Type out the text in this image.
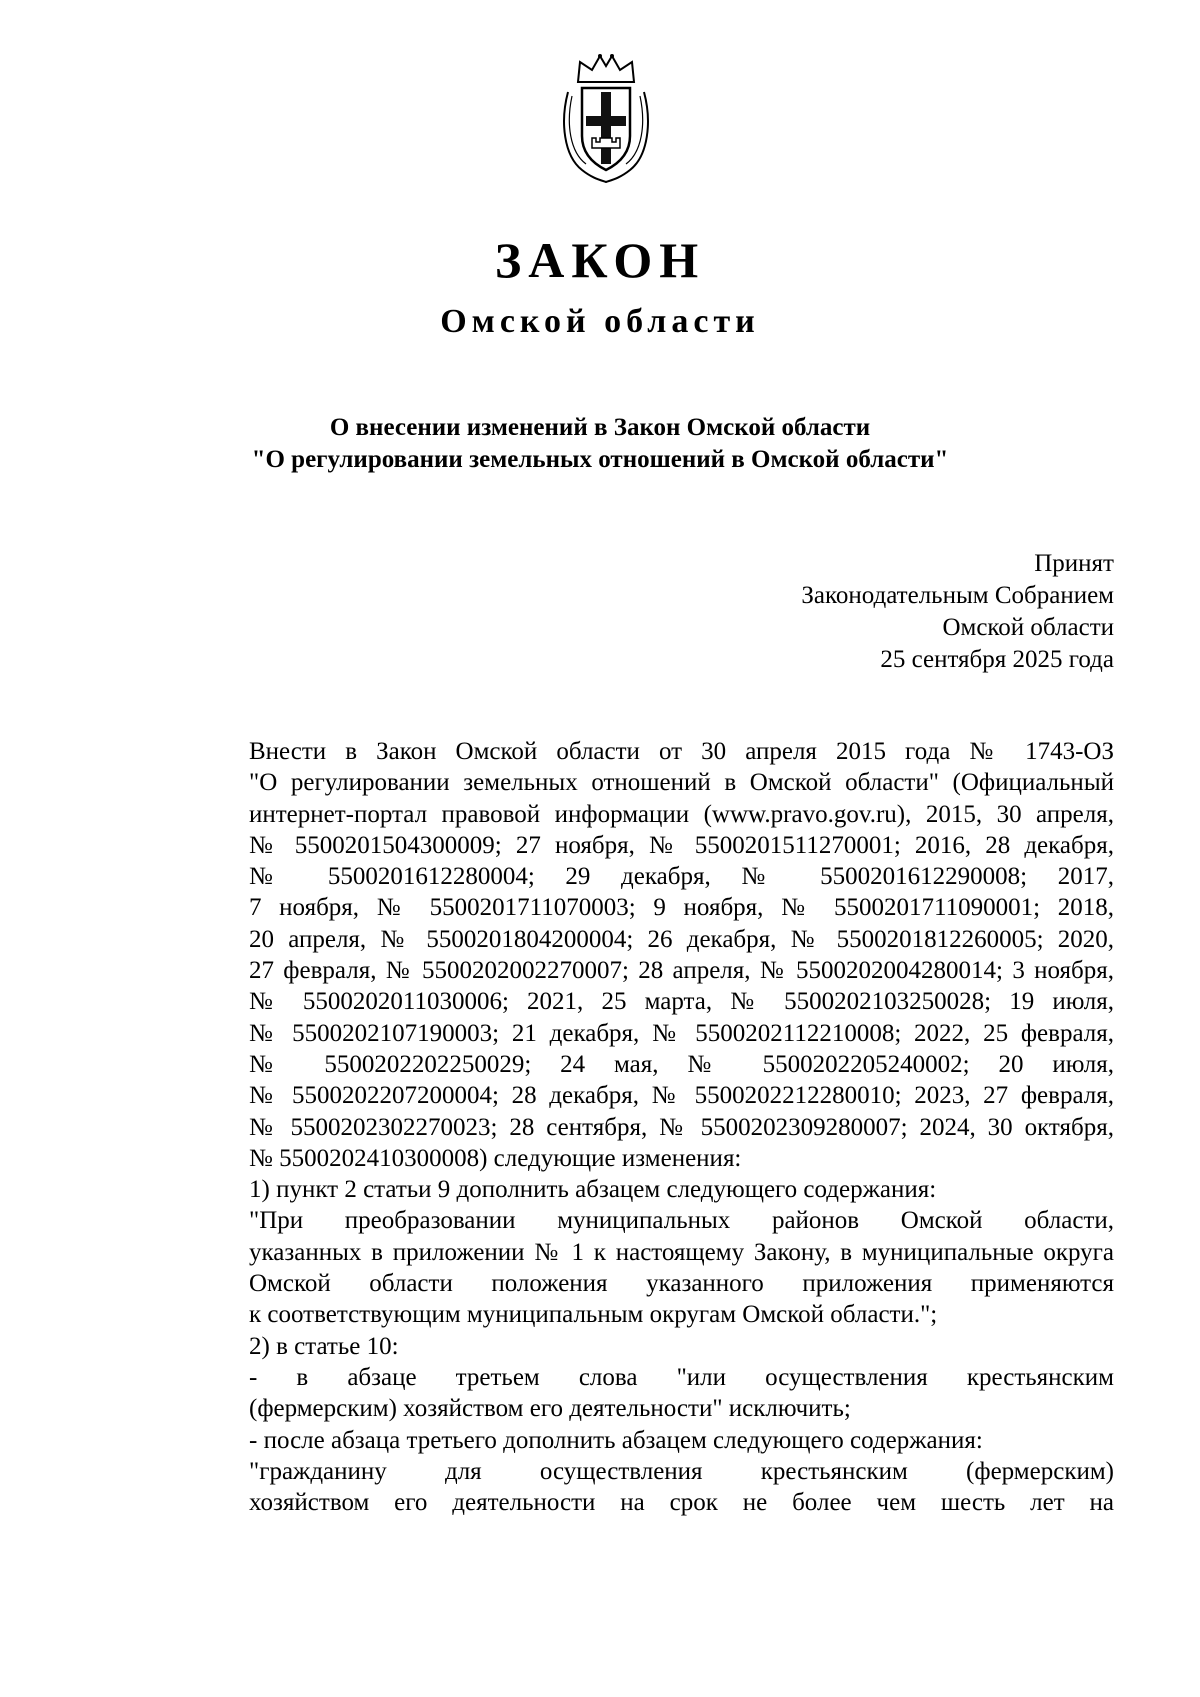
ЗАКОН
Омской области
О внесении изменений в Закон Омской области
"О регулировании земельных отношений в Омской области"
Принят
Законодательным Собранием
Омской области
25 сентября 2025 года

Внести в Закон Омской области от 30 апреля 2015 года № 1743-ОЗ
"О регулировании земельных отношений в Омской области" (Официальный
интернет-портал правовой информации (www.pravo.gov.ru), 2015, 30 апреля,
№ 5500201504300009; 27 ноября, № 5500201511270001; 2016, 28 декабря,
№ 5500201612280004; 29 декабря, № 5500201612290008; 2017,
7 ноября, № 5500201711070003; 9 ноября, № 5500201711090001; 2018,
20 апреля, № 5500201804200004; 26 декабря, № 5500201812260005; 2020,
27 февраля, № 5500202002270007; 28 апреля, № 5500202004280014; 3 ноября,
№ 5500202011030006; 2021, 25 марта, № 5500202103250028; 19 июля,
№ 5500202107190003; 21 декабря, № 5500202112210008; 2022, 25 февраля,
№ 5500202202250029; 24 мая, № 5500202205240002; 20 июля,
№ 5500202207200004; 28 декабря, № 5500202212280010; 2023, 27 февраля,
№ 5500202302270023; 28 сентября, № 5500202309280007; 2024, 30 октября,
№ 5500202410300008) следующие изменения:

1) пункт 2 статьи 9 дополнить абзацем следующего содержания:

"При преобразовании муниципальных районов Омской области,
указанных в приложении № 1 к настоящему Закону, в муниципальные округа
Омской области положения указанного приложения применяются
к соответствующим муниципальным округам Омской области.";

2) в статье 10:

- в абзаце третьем слова "или осуществления крестьянским
(фермерским) хозяйством его деятельности" исключить;

- после абзаца третьего дополнить абзацем следующего содержания:

"гражданину для осуществления крестьянским (фермерским)
хозяйством его деятельности на срок не более чем шесть лет на
